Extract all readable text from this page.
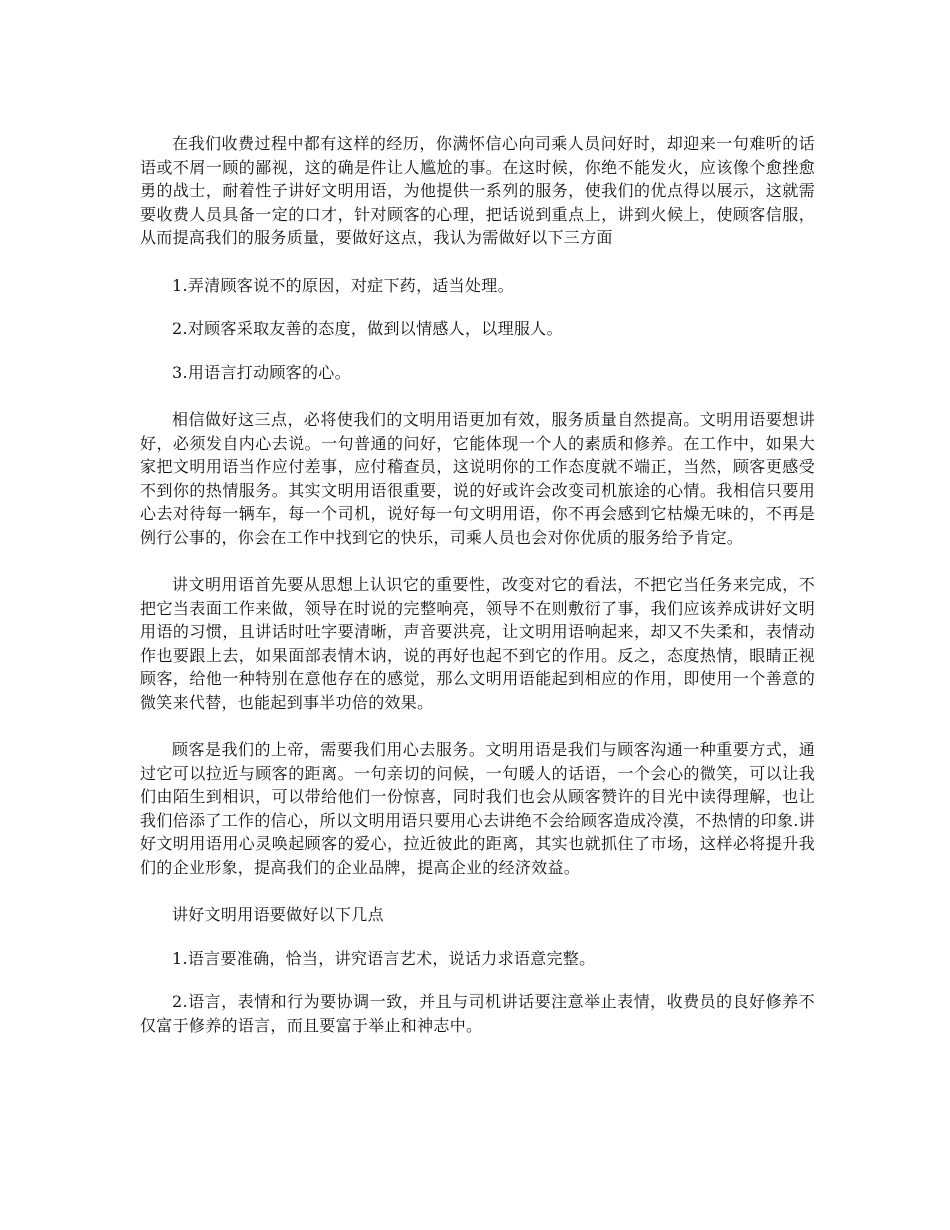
在我们收费过程中都有这样的经历，你满怀信心向司乘人员问好时，却迎来一句难听的话语或不屑一顾的鄙视，这的确是件让人尴尬的事。在这时候，你绝不能发火，应该像个愈挫愈勇的战士，耐着性子讲好文明用语，为他提供一系列的服务，使我们的优点得以展示，这就需要收费人员具备一定的口才，针对顾客的心理，把话说到重点上，讲到火候上，使顾客信服，从而提高我们的服务质量，要做好这点，我认为需做好以下三方面

1.弄清顾客说不的原因，对症下药，适当处理。

2.对顾客采取友善的态度，做到以情感人，以理服人。

3.用语言打动顾客的心。

相信做好这三点，必将使我们的文明用语更加有效，服务质量自然提高。文明用语要想讲好，必须发自内心去说。一句普通的问好，它能体现一个人的素质和修养。在工作中，如果大家把文明用语当作应付差事，应付稽查员，这说明你的工作态度就不端正，当然，顾客更感受不到你的热情服务。其实文明用语很重要，说的好或许会改变司机旅途的心情。我相信只要用心去对待每一辆车，每一个司机，说好每一句文明用语，你不再会感到它枯燥无味的，不再是例行公事的，你会在工作中找到它的快乐，司乘人员也会对你优质的服务给予肯定。

讲文明用语首先要从思想上认识它的重要性，改变对它的看法，不把它当任务来完成，不把它当表面工作来做，领导在时说的完整响亮，领导不在则敷衍了事，我们应该养成讲好文明用语的习惯，且讲话时吐字要清晰，声音要洪亮，让文明用语响起来，却又不失柔和，表情动作也要跟上去，如果面部表情木讷，说的再好也起不到它的作用。反之，态度热情，眼睛正视顾客，给他一种特别在意他存在的感觉，那么文明用语能起到相应的作用，即使用一个善意的微笑来代替，也能起到事半功倍的效果。

顾客是我们的上帝，需要我们用心去服务。文明用语是我们与顾客沟通一种重要方式，通过它可以拉近与顾客的距离。一句亲切的问候，一句暖人的话语，一个会心的微笑，可以让我们由陌生到相识，可以带给他们一份惊喜，同时我们也会从顾客赞许的目光中读得理解，也让我们倍添了工作的信心，所以文明用语只要用心去讲绝不会给顾客造成冷漠，不热情的印象.讲好文明用语用心灵唤起顾客的爱心，拉近彼此的距离，其实也就抓住了市场，这样必将提升我们的企业形象，提高我们的企业品牌，提高企业的经济效益。

讲好文明用语要做好以下几点

1.语言要准确，恰当，讲究语言艺术，说话力求语意完整。

2.语言，表情和行为要协调一致，并且与司机讲话要注意举止表情，收费员的良好修养不仅富于修养的语言，而且要富于举止和神志中。
